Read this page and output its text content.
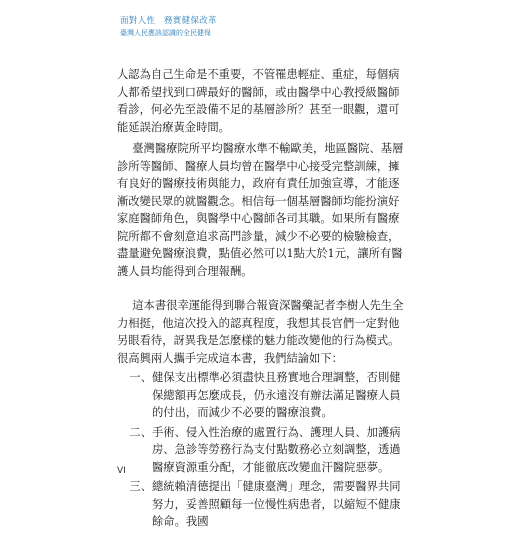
面對人性　務實健保改革
臺灣人民應該認識的全民健保

人認為自己生命是不重要，不管罹患輕症、重症，每個病人都希望找到口碑最好的醫師，或由醫學中心教授級醫師看診，何必先至設備不足的基層診所？甚至一眼觀，還可能延誤治療黃金時間。

臺灣醫療院所平均醫療水準不輸歐美，地區醫院、基層診所等醫師、醫療人員均曾在醫學中心接受完整訓練，擁有良好的醫療技術與能力，政府有責任加強宣導，才能逐漸改變民眾的就醫觀念。相信每一個基層醫師均能扮演好家庭醫師角色，與醫學中心醫師各司其職。如果所有醫療院所都不會刻意追求高門診量，減少不必要的檢驗檢查，盡量避免醫療浪費，點值必然可以1點大於1元，讓所有醫護人員均能得到合理報酬。

這本書很幸運能得到聯合報資深醫藥記者李樹人先生全力相挺，他這次投入的認真程度，我想其長官們一定對他另眼看待，訝異我是怎麼樣的魅力能改變他的行為模式。很高興兩人攜手完成這本書，我們結論如下：

一、 健保支出標準必須盡快且務實地合理調整，否則健保總額再怎麼成長，仍永遠沒有辦法滿足醫療人員的付出，而減少不必要的醫療浪費。
二、 手術、侵入性治療的處置行為、護理人員、加護病房、急診等勞務行為支付點數務必立刻調整，透過醫療資源重分配，才能徹底改變血汗醫院惡夢。
三、 總統賴清德提出「健康臺灣」理念，需要醫界共同努力，妥善照顧每一位慢性病患者，以縮短不健康餘命。我國
VI
